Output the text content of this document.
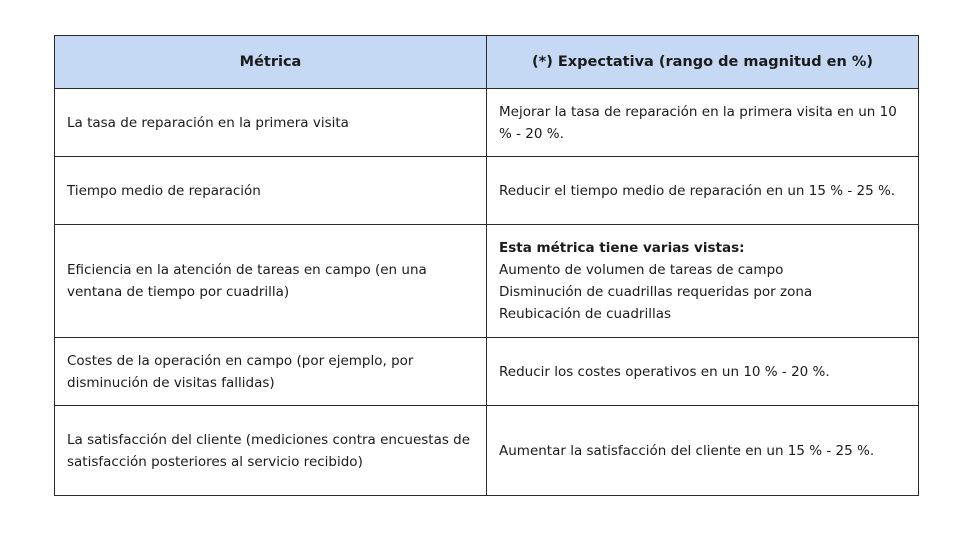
Métrica	(*) Expectativa (rango de magnitud en %)
La tasa de reparación en la primera visita	Mejorar la tasa de reparación en la primera visita en un 10 % - 20 %.
Tiempo medio de reparación	Reducir el tiempo medio de reparación en un 15 % - 25 %.
Eficiencia en la atención de tareas en campo (en una ventana de tiempo por cuadrilla)	Esta métrica tiene varias vistas:
Aumento de volumen de tareas de campo
Disminución de cuadrillas requeridas por zona
Reubicación de cuadrillas

Costes de la operación en campo (por ejemplo, por disminución de visitas fallidas)	Reducir los costes operativos en un 10 % - 20 %.
La satisfacción del cliente (mediciones contra encuestas de satisfacción posteriores al servicio recibido)	Aumentar la satisfacción del cliente en un 15 % - 25 %.
